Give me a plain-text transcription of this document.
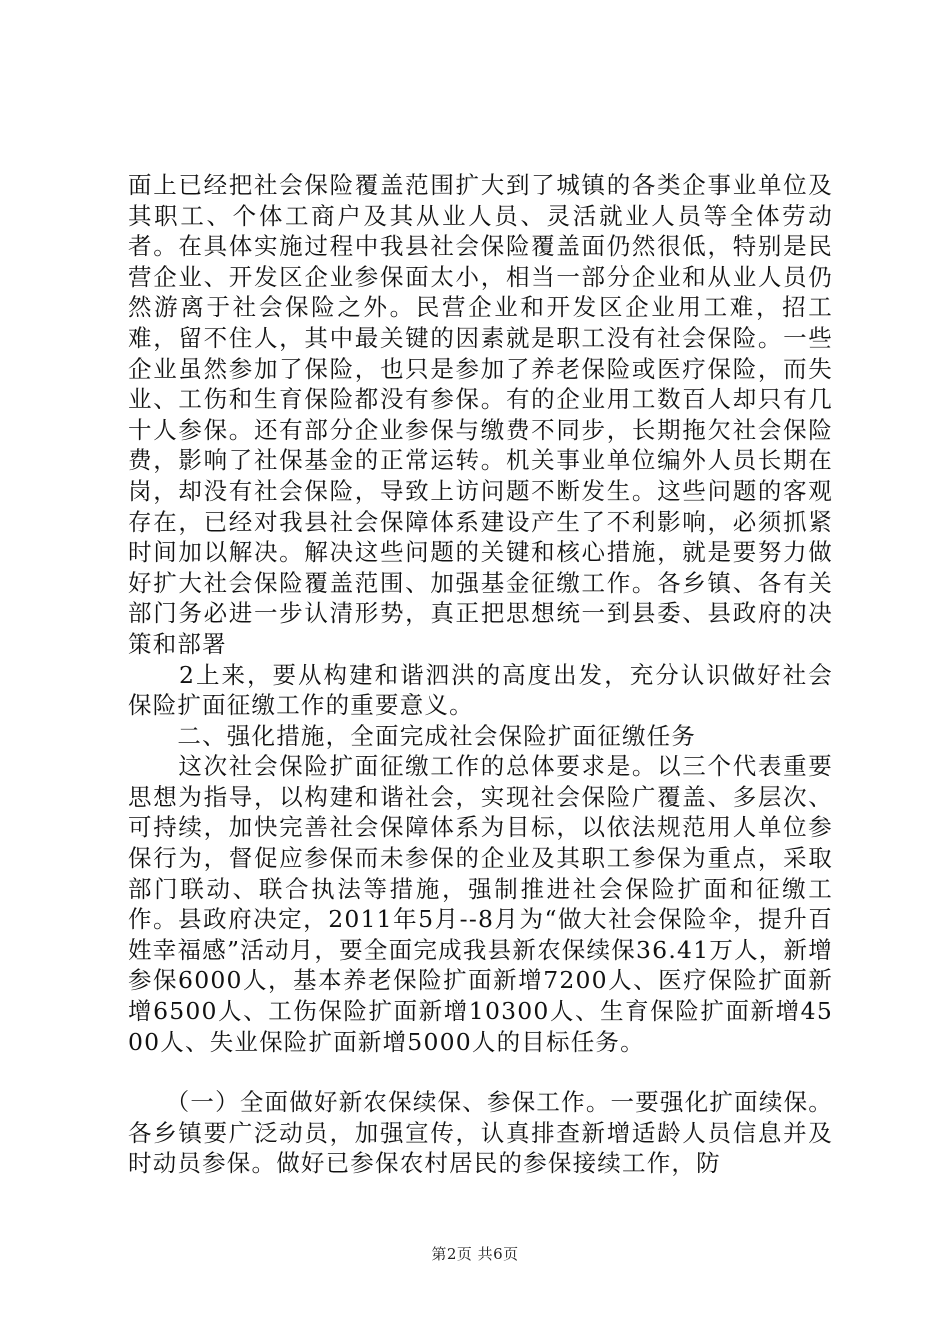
面上已经把社会保险覆盖范围扩大到了城镇的各类企事业单位及其职工、个体工商户及其从业人员、灵活就业人员等全体劳动者。在具体实施过程中我县社会保险覆盖面仍然很低，特别是民营企业、开发区企业参保面太小，相当一部分企业和从业人员仍然游离于社会保险之外。民营企业和开发区企业用工难，招工难，留不住人，其中最关键的因素就是职工没有社会保险。一些企业虽然参加了保险，也只是参加了养老保险或医疗保险，而失业、工伤和生育保险都没有参保。有的企业用工数百人却只有几十人参保。还有部分企业参保与缴费不同步，长期拖欠社会保险费，影响了社保基金的正常运转。机关事业单位编外人员长期在岗，却没有社会保险，导致上访问题不断发生。这些问题的客观存在，已经对我县社会保障体系建设产生了不利影响，必须抓紧时间加以解决。解决这些问题的关键和核心措施，就是要努力做好扩大社会保险覆盖范围、加强基金征缴工作。各乡镇、各有关部门务必进一步认清形势，真正把思想统一到县委、县政府的决策和部署

　　2上来，要从构建和谐泗洪的高度出发，充分认识做好社会保险扩面征缴工作的重要意义。

　　二、强化措施，全面完成社会保险扩面征缴任务

　　这次社会保险扩面征缴工作的总体要求是。以三个代表重要思想为指导，以构建和谐社会，实现社会保险广覆盖、多层次、可持续，加快完善社会保障体系为目标，以依法规范用人单位参保行为，督促应参保而未参保的企业及其职工参保为重点，采取部门联动、联合执法等措施，强制推进社会保险扩面和征缴工作。县政府决定，2011年5月--8月为“做大社会保险伞，提升百姓幸福感”活动月，要全面完成我县新农保续保36.41万人，新增参保6000人，基本养老保险扩面新增7200人、医疗保险扩面新增6500人、工伤保险扩面新增10300人、生育保险扩面新增4500人、失业保险扩面新增5000人的目标任务。

　　（一）全面做好新农保续保、参保工作。一要强化扩面续保。各乡镇要广泛动员，加强宣传，认真排查新增适龄人员信息并及时动员参保。做好已参保农村居民的参保接续工作，防

第2页 共6页
